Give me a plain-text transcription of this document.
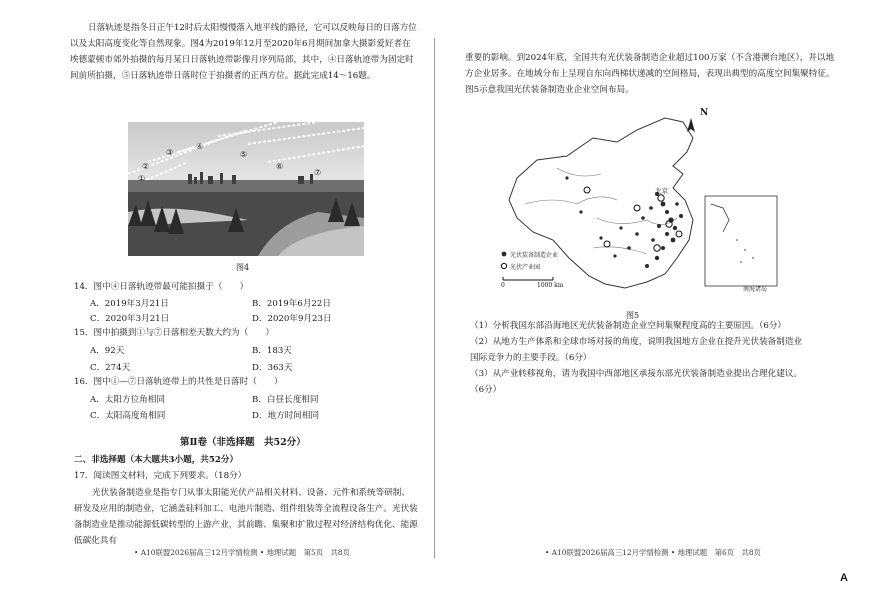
日落轨迹是指冬日正午12时后太阳慢慢落入地平线的路径，它可以反映每日的日落方位以及太阳高度变化等自然现象。图4为2019年12月至2020年6月期间加拿大摄影爱好者在埃德蒙顿市郊外拍摄的每月某日日落轨迹带影像月序列局部，其中，④日落轨迹带为固定时间前所拍摄，⑤日落轨迹带日落时位于拍摄者的正西方位。据此完成14～16题。
①
②
③
④
⑤
⑥
⑦
图4
14．图中④日落轨迹带最可能拍摄于（　　）
A．2019年3月21日	B．2019年6月22日
C．2020年3月21日	D．2020年9月23日
15．图中拍摄到①与⑦日落相差天数大约为（　　）
A．92天	B．183天
C．274天	D．363天
16．图中①—⑦日落轨迹带上的共性是日落时（　　）
A．太阳方位角相同	B．白昼长度相同
C．太阳高度角相同	D．地方时间相同
第Ⅱ卷（非选择题　共52分）
二、非选择题（本大题共3小题，共52分）
17．阅读图文材料，完成下列要求。（18分）
光伏装备制造业是指专门从事太阳能光伏产品相关材料、设备、元件和系统等研制、研发及应用的制造业，它涵盖硅料加工、电池片制造、组件组装等全流程设备生产。光伏装备制造业是推动能源低碳转型的上游产业，其前瞻、集聚和扩散过程对经济结构优化、能源低碳化具有
• A10联盟2026届高三12月学情检测 • 地理试题　第5页　共8页
重要的影响。到2024年底，全国共有光伏装备制造企业超过100万家（不含港澳台地区），并以地方企业居多。在地域分布上呈现自东向西梯状递减的空间格局，表现出典型的高度空间集聚特征。图5示意我国光伏装备制造业企业空间布局。
N
北京
光伏装备制造企业
光伏产业园
0	1000 km
南海诸岛
图5
（1）分析我国东部沿海地区光伏装备制造企业空间集聚程度高的主要原因。（6分）
（2）从地方生产体系和全球市场对接的角度，说明我国地方企业在提升光伏装备制造业国际竞争力的主要手段。（6分）
（3）从产业转移视角，请为我国中西部地区承接东部光伏装备制造业提出合理化建议。（6分）
• A10联盟2026届高三12月学情检测 • 地理试题　第6页　共8页
A
